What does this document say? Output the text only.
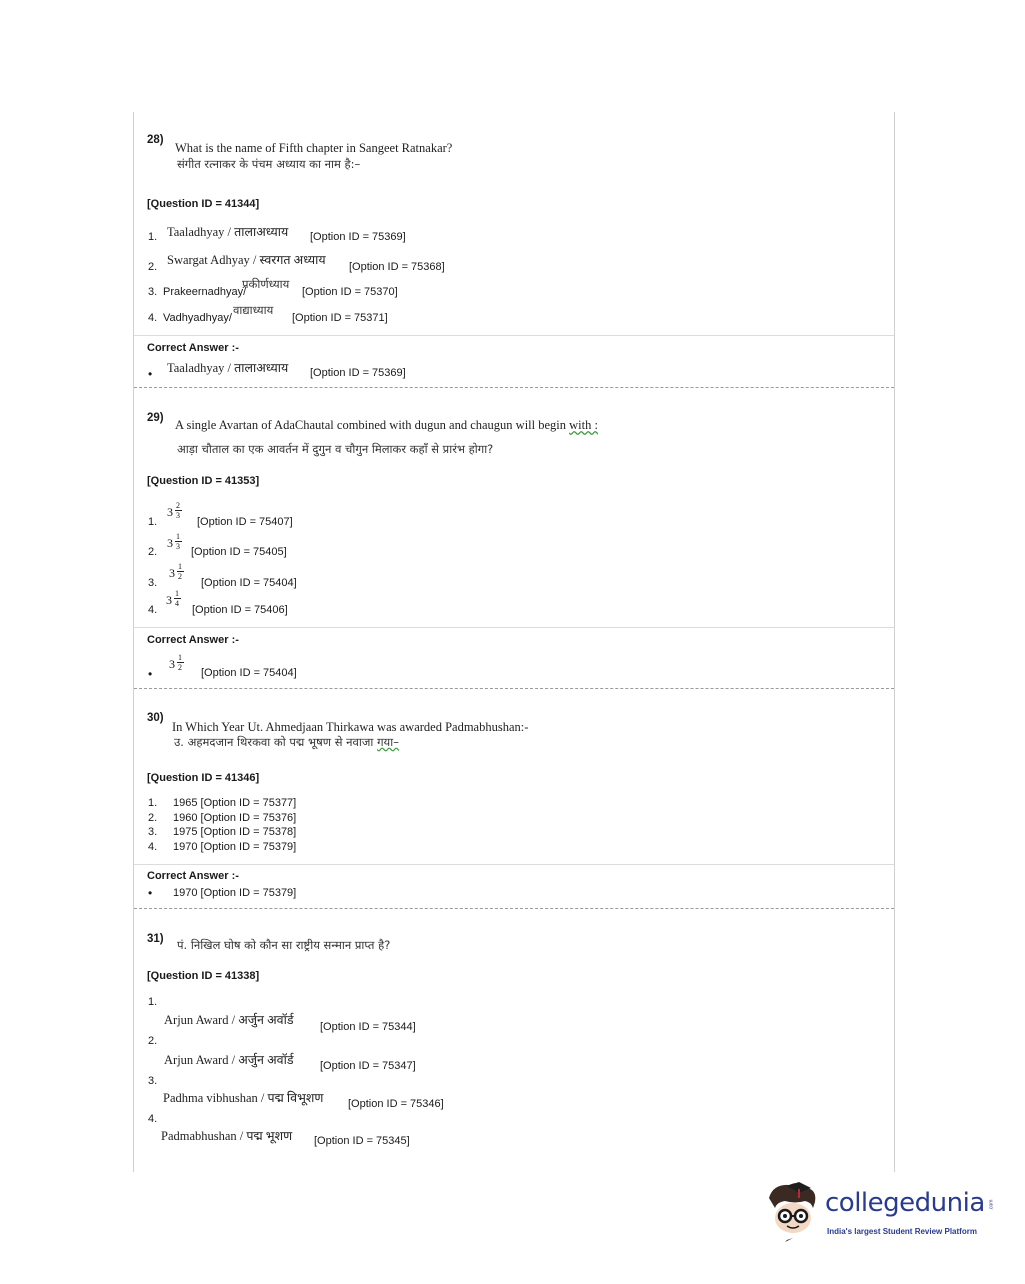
28)
What is the name of Fifth chapter in Sangeet Ratnakar?
संगीत रत्नाकर के पंचम अध्याय का नाम है:–
[Question ID = 41344]
1. Taaladhyay / तालाअध्याय [Option ID = 75369]
2. Swargat Adhyay / स्वरगत अध्याय [Option ID = 75368]
3. Prakeernadhyay/
प्रकीर्णध्याय
[Option ID = 75370]
4. Vadhyadhyay/
वाद्याध्याय
[Option ID = 75371]
Correct Answer :-
• Taaladhyay / तालाअध्याय [Option ID = 75369]
29) A single Avartan of AdaChautal combined with dugun and chaugun will begin with :
आड़ा चौताल का एक आवर्तन में दुगुन व चौगुन मिलाकर कहाँ से प्रारंभ होगा?
[Question ID = 41353]
1.
3 2
3
[Option ID = 75407]
2.
3 1
3 [Option ID = 75405]
3.
3 1
2
[Option ID = 75404]
4.
3 1
4
[Option ID = 75406]
Correct Answer :-
•
3 1
2 [Option ID = 75404]
30)
In Which Year Ut. Ahmedjaan Thirkawa was awarded Padmabhushan:-
उ. अहमदजान थिरकवा को पद्म भूषण से नवाजा गया–
[Question ID = 41346]
1. 1965 [Option ID = 75377]
2. 1960 [Option ID = 75376]
3. 1975 [Option ID = 75378]
4. 1970 [Option ID = 75379]
Correct Answer :-
• 1970 [Option ID = 75379]
31) पं. निखिल घोष को कौन सा राष्ट्रीय सन्मान प्राप्त है?
[Question ID = 41338]
1.
Arjun Award / अर्जुन अवॉर्ड [Option ID = 75344]
2.
Arjun Award / अर्जुन अवॉर्ड [Option ID = 75347]
3.
Padhma vibhushan / पद्म विभूशण [Option ID = 75346]
4.
Padmabhushan / पद्म भूशण [Option ID = 75345]
collegedunia .com
India's largest Student Review Platform
